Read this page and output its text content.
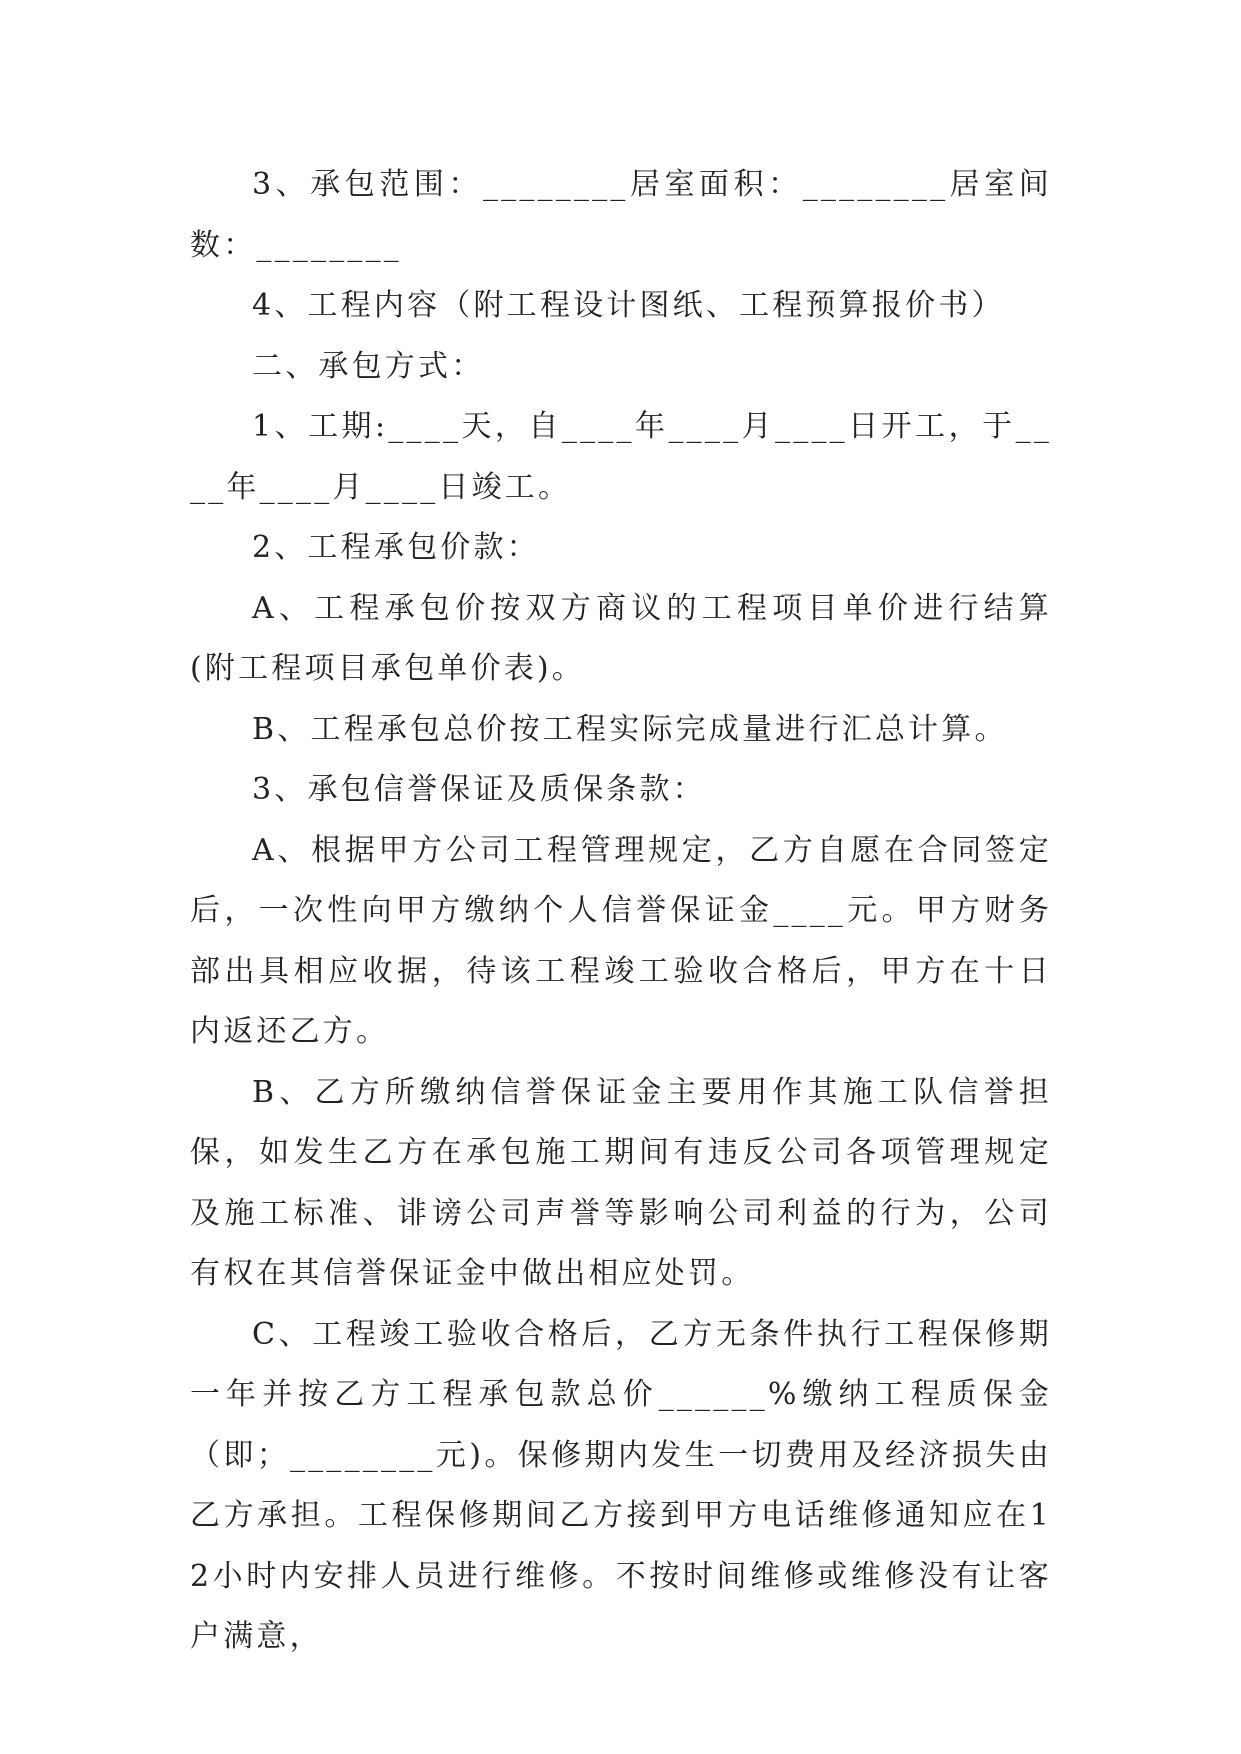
3、承包范围：________居室面积：________居室间数：________

4、工程内容（附工程设计图纸、工程预算报价书）

二、承包方式：

1、工期:____天，自____年____月____日开工，于____年____月____日竣工。

2、工程承包价款：

A、工程承包价按双方商议的工程项目单价进行结算(附工程项目承包单价表)。

B、工程承包总价按工程实际完成量进行汇总计算。

3、承包信誉保证及质保条款：

A、根据甲方公司工程管理规定，乙方自愿在合同签定后，一次性向甲方缴纳个人信誉保证金____元。甲方财务部出具相应收据，待该工程竣工验收合格后，甲方在十日内返还乙方。

B、乙方所缴纳信誉保证金主要用作其施工队信誉担保，如发生乙方在承包施工期间有违反公司各项管理规定及施工标准、诽谤公司声誉等影响公司利益的行为，公司有权在其信誉保证金中做出相应处罚。

C、工程竣工验收合格后，乙方无条件执行工程保修期一年并按乙方工程承包款总价______%缴纳工程质保金（即；________元)。保修期内发生一切费用及经济损失由乙方承担。工程保修期间乙方接到甲方电话维修通知应在12小时内安排人员进行维修。不按时间维修或维修没有让客户满意，
